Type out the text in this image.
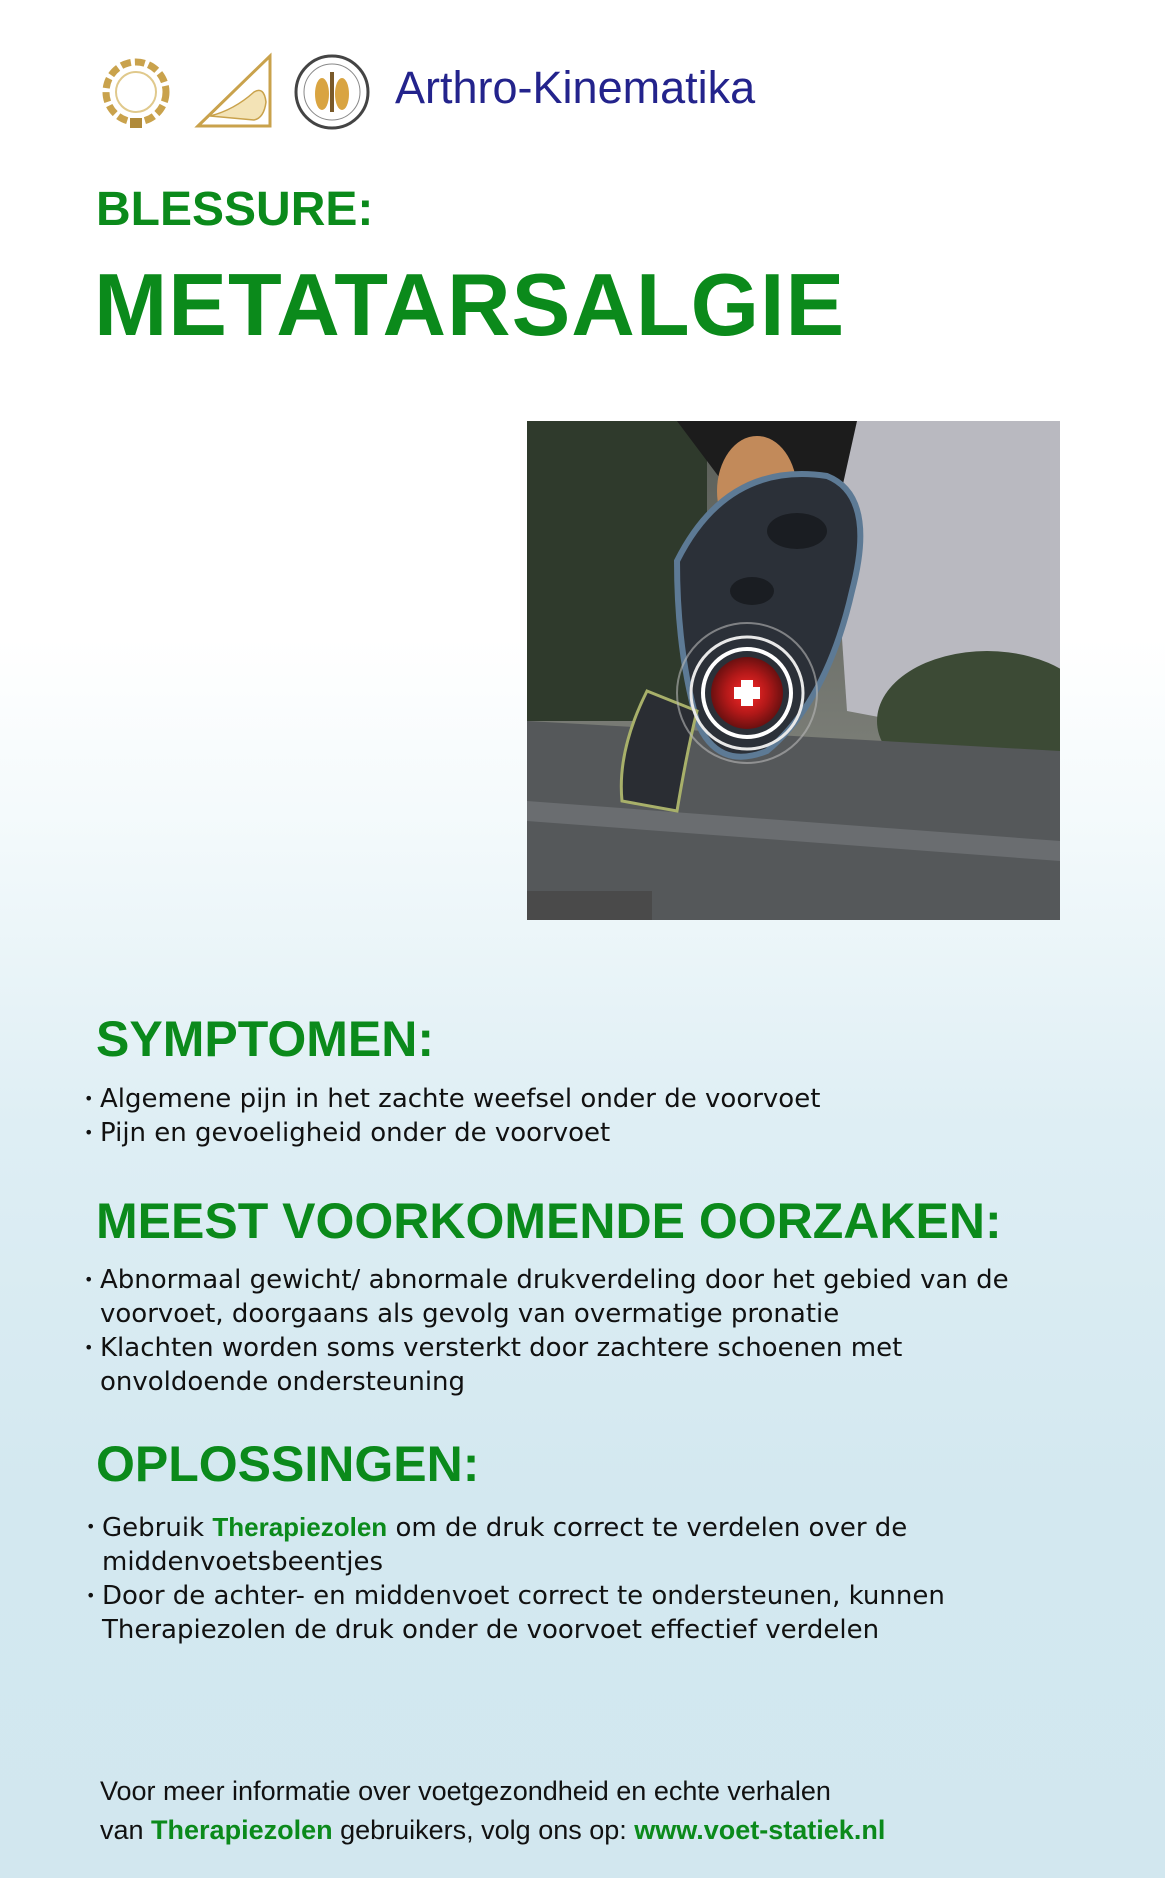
Arthro-Kinematika
BLESSURE:
METATARSALGIE
SYMPTOMEN:
• Algemene pijn in het zachte weefsel onder de voorvoet
• Pijn en gevoeligheid onder de voorvoet
MEEST VOORKOMENDE OORZAKEN:
• Abnormaal gewicht/ abnormale drukverdeling door het gebied van de
voorvoet, doorgaans als gevolg van overmatige pronatie
• Klachten worden soms versterkt door zachtere schoenen met
onvoldoende ondersteuning
OPLOSSINGEN:
• Gebruik Therapiezolen om de druk correct te verdelen over de
middenvoetsbeentjes
• Door de achter- en middenvoet correct te ondersteunen, kunnen
Therapiezolen de druk onder de voorvoet effectief verdelen
Voor meer informatie over voetgezondheid en echte verhalen
van Therapiezolen gebruikers, volg ons op: www.voet-statiek.nl
